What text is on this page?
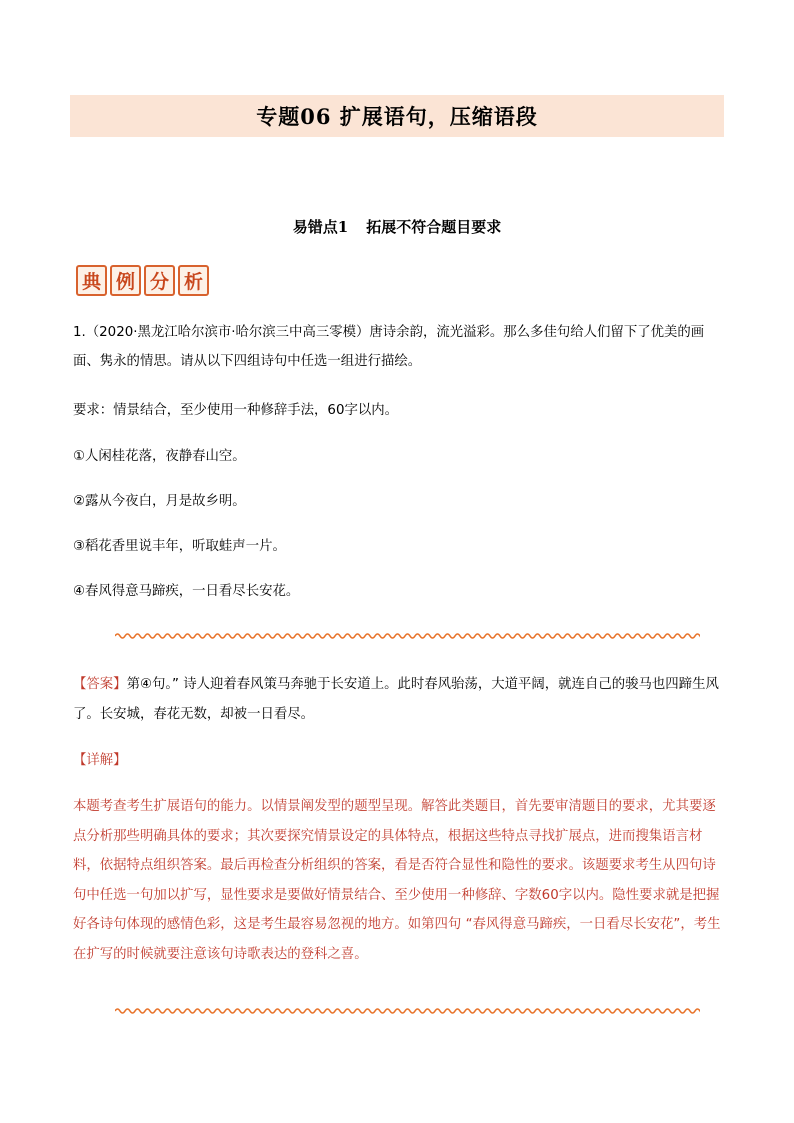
专题06 扩展语句，压缩语段
易错点1 拓展不符合题目要求
典 例 分 析
1.（2020·黑龙江哈尔滨市·哈尔滨三中高三零模）唐诗余韵，流光溢彩。那么多佳句给人们留下了优美的画面、隽永的情思。请从以下四组诗句中任选一组进行描绘。
要求：情景结合，至少使用一种修辞手法，60字以内。
①人闲桂花落，夜静春山空。
②露从今夜白，月是故乡明。
③稻花香里说丰年，听取蛙声一片。
④春风得意马蹄疾，一日看尽长安花。
【答案】第④句。” 诗人迎着春风策马奔驰于长安道上。此时春风骀荡，大道平阔，就连自己的骏马也四蹄生风了。长安城，春花无数，却被一日看尽。
【详解】
本题考查考生扩展语句的能力。以情景阐发型的题型呈现。解答此类题目，首先要审清题目的要求，尤其要逐点分析那些明确具体的要求；其次要探究情景设定的具体特点，根据这些特点寻找扩展点，进而搜集语言材料，依据特点组织答案。最后再检查分析组织的答案，看是否符合显性和隐性的要求。该题要求考生从四句诗句中任选一句加以扩写，显性要求是要做好情景结合、至少使用一种修辞、字数60字以内。隐性要求就是把握好各诗句体现的感情色彩，这是考生最容易忽视的地方。如第四句 “春风得意马蹄疾，一日看尽长安花”，考生在扩写的时候就要注意该句诗歌表达的登科之喜。
